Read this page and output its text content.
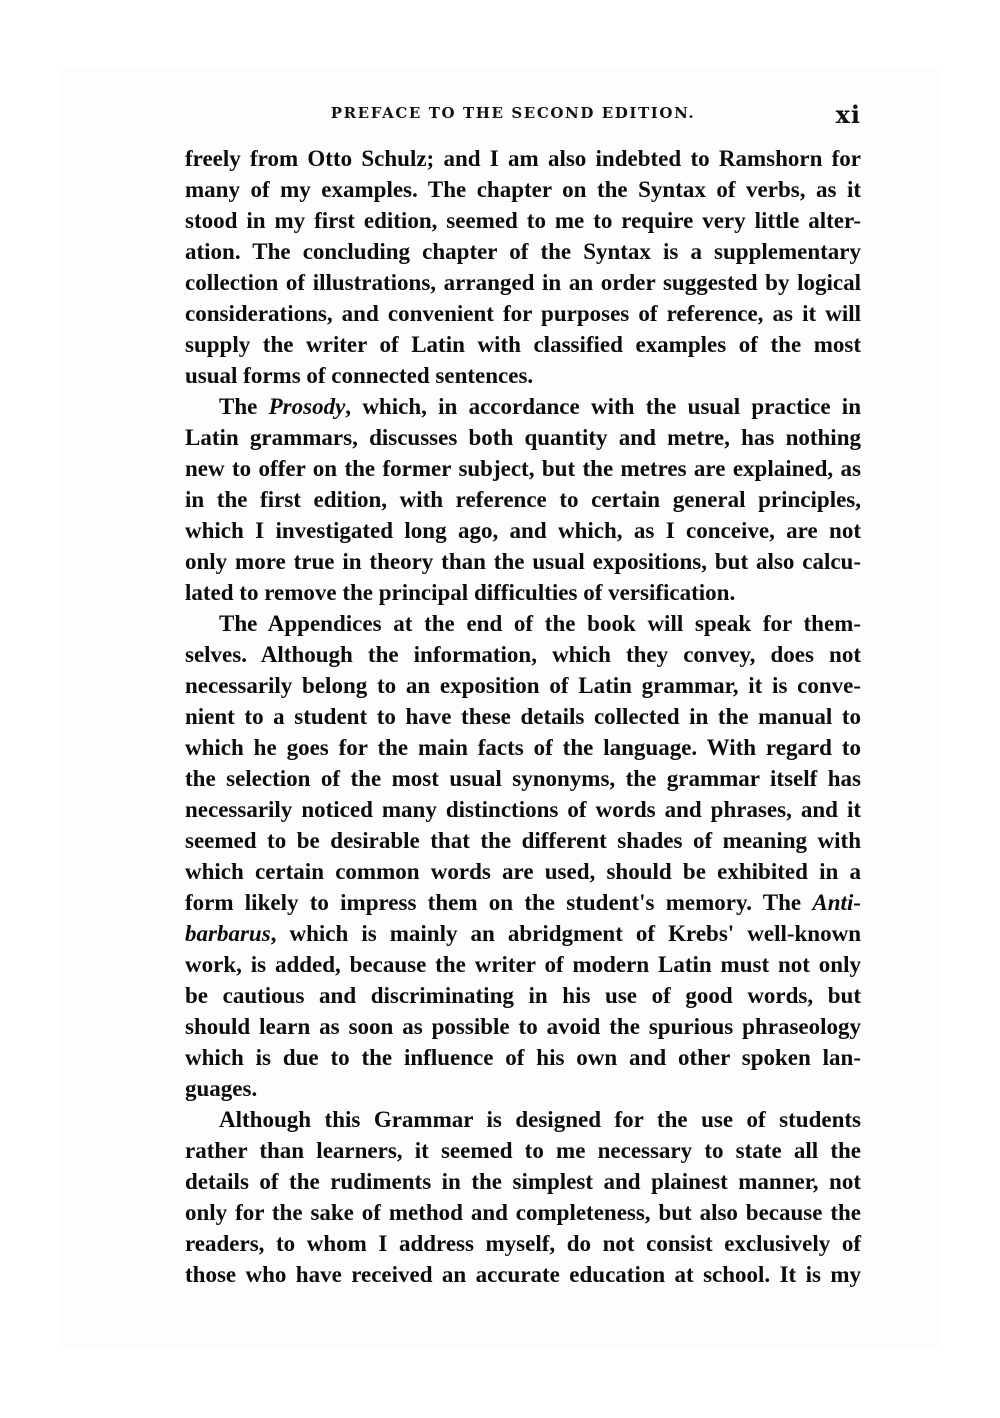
PREFACE TO THE SECOND EDITION.	xi
freely from Otto Schulz; and I am also indebted to Ramshorn for
many of my examples. The chapter on the Syntax of verbs, as it
stood in my first edition, seemed to me to require very little alter-
ation. The concluding chapter of the Syntax is a supplementary
collection of illustrations, arranged in an order suggested by logical
considerations, and convenient for purposes of reference, as it will
supply the writer of Latin with classified examples of the most
usual forms of connected sentences.
The Prosody, which, in accordance with the usual practice in
Latin grammars, discusses both quantity and metre, has nothing
new to offer on the former subject, but the metres are explained, as
in the first edition, with reference to certain general principles,
which I investigated long ago, and which, as I conceive, are not
only more true in theory than the usual expositions, but also calcu-
lated to remove the principal difficulties of versification.
The Appendices at the end of the book will speak for them-
selves. Although the information, which they convey, does not
necessarily belong to an exposition of Latin grammar, it is conve-
nient to a student to have these details collected in the manual to
which he goes for the main facts of the language. With regard to
the selection of the most usual synonyms, the grammar itself has
necessarily noticed many distinctions of words and phrases, and it
seemed to be desirable that the different shades of meaning with
which certain common words are used, should be exhibited in a
form likely to impress them on the student's memory. The Anti-
barbarus, which is mainly an abridgment of Krebs' well-known
work, is added, because the writer of modern Latin must not only
be cautious and discriminating in his use of good words, but
should learn as soon as possible to avoid the spurious phraseology
which is due to the influence of his own and other spoken lan-
guages.
Although this Grammar is designed for the use of students
rather than learners, it seemed to me necessary to state all the
details of the rudiments in the simplest and plainest manner, not
only for the sake of method and completeness, but also because the
readers, to whom I address myself, do not consist exclusively of
those who have received an accurate education at school. It is my
